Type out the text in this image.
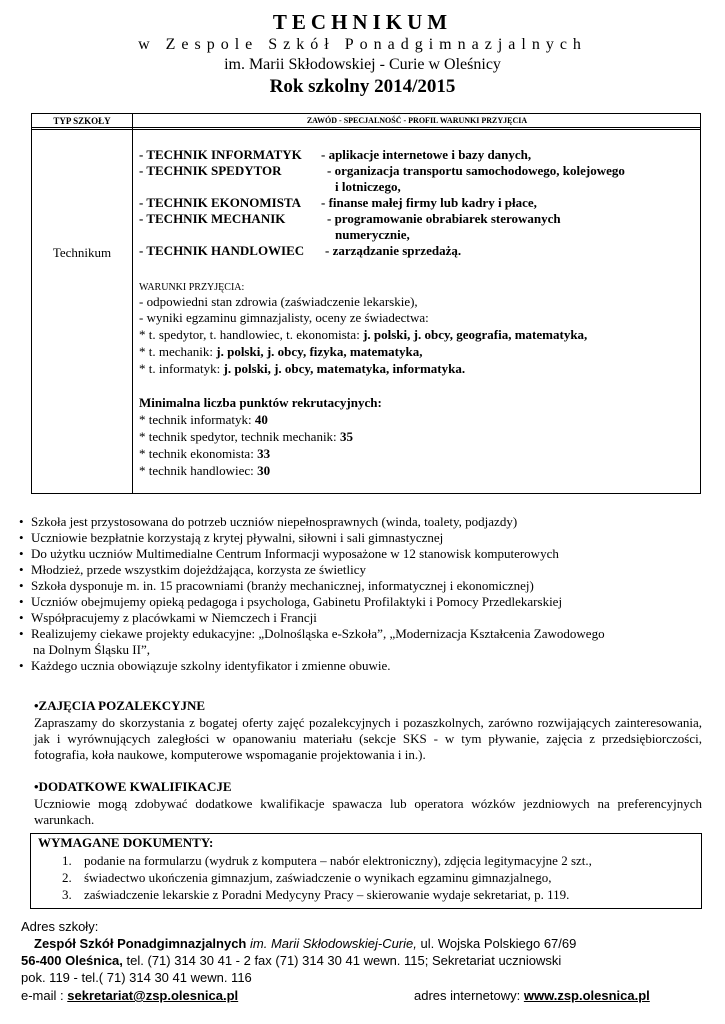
TECHNIKUM
w Zespole Szkół Ponadgimnazjalnych
im. Marii Skłodowskiej - Curie w Oleśnicy
Rok szkolny 2014/2015
TYP SZKOŁY	ZAWÓD - SPECJALNOŚĆ - PROFIL WARUNKI PRZYJĘCIA
Technikum
- TECHNIK INFORMATYK - aplikacje internetowe i bazy danych,
- TECHNIK SPEDYTOR	- organizacja transportu samochodowego, kolejowego
i lotniczego,
- TECHNIK EKONOMISTA - finanse małej firmy lub kadry i płace,
- TECHNIK MECHANIK	- programowanie obrabiarek sterowanych
numerycznie,
- TECHNIK HANDLOWIEC - zarządzanie sprzedażą.
WARUNKI PRZYJĘCIA:
- odpowiedni stan zdrowia (zaświadczenie lekarskie),
- wyniki egzaminu gimnazjalisty, oceny ze świadectwa:
* t. spedytor, t. handlowiec, t. ekonomista: j. polski, j. obcy, geografia, matematyka,
* t. mechanik: j. polski, j. obcy, fizyka, matematyka,
* t. informatyk: j. polski, j. obcy, matematyka, informatyka.
Minimalna liczba punktów rekrutacyjnych:
* technik informatyk: 40
* technik spedytor, technik mechanik: 35
* technik ekonomista: 33
* technik handlowiec: 30
• Szkoła jest przystosowana do potrzeb uczniów niepełnosprawnych (winda, toalety, podjazdy)
• Uczniowie bezpłatnie korzystają z krytej pływalni, siłowni i sali gimnastycznej
• Do użytku uczniów Multimedialne Centrum Informacji wyposażone w 12 stanowisk komputerowych
• Młodzież, przede wszystkim dojeżdżająca, korzysta ze świetlicy
• Szkoła dysponuje m. in. 15 pracowniami (branży mechanicznej, informatycznej i ekonomicznej)
• Uczniów obejmujemy opieką pedagoga i psychologa, Gabinetu Profilaktyki i Pomocy Przedlekarskiej
• Współpracujemy z placówkami w Niemczech i Francji
• Realizujemy ciekawe projekty edukacyjne: „Dolnośląska e-Szkoła”, „Modernizacja Kształcenia Zawodowego
na Dolnym Śląsku II”,
• Każdego ucznia obowiązuje szkolny identyfikator i zmienne obuwie.
•ZAJĘCIA POZALEKCYJNE
Zapraszamy do skorzystania z bogatej oferty zajęć pozalekcyjnych i pozaszkolnych, zarówno rozwijających zainteresowania, jak i wyrównujących zaległości w opanowaniu materiału (sekcje SKS - w tym pływanie, zajęcia z przedsiębiorczości, fotografia, koła naukowe, komputerowe wspomaganie projektowania i in.).
•DODATKOWE KWALIFIKACJE
Uczniowie mogą zdobywać dodatkowe kwalifikacje spawacza lub operatora wózków jezdniowych na preferencyjnych warunkach.
WYMAGANE DOKUMENTY:
1. podanie na formularzu (wydruk z komputera – nabór elektroniczny), zdjęcia legitymacyjne 2 szt.,
2. świadectwo ukończenia gimnazjum, zaświadczenie o wynikach egzaminu gimnazjalnego,
3. zaświadczenie lekarskie z Poradni Medycyny Pracy – skierowanie wydaje sekretariat, p. 119.
Adres szkoły:
Zespół Szkół Ponadgimnazjalnych im. Marii Skłodowskiej-Curie, ul. Wojska Polskiego 67/69
56-400 Oleśnica, tel. (71) 314 30 41 - 2 fax (71) 314 30 41 wewn. 115; Sekretariat uczniowski
pok. 119 - tel.( 71) 314 30 41 wewn. 116
e-mail : sekretariat@zsp.olesnica.pl	adres internetowy: www.zsp.olesnica.pl
